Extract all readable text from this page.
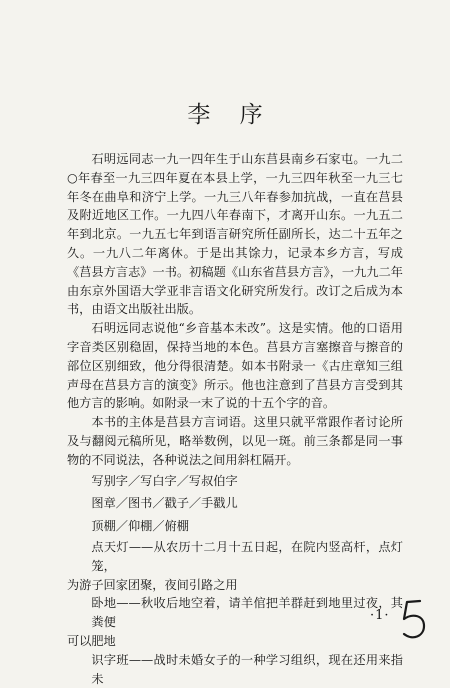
李 序

石明远同志一九一四年生于山东莒县南乡石家屯。一九二○年春至一九三四年夏在本县上学，一九三四年秋至一九三七年冬在曲阜和济宁上学。一九三八年春参加抗战，一直在莒县及附近地区工作。一九四八年春南下，才离开山东。一九五二年到北京。一九五七年到语言研究所任副所长，达二十五年之久。一九八二年离休。于是出其馀力，记录本乡方言，写成《莒县方言志》一书。初稿题《山东省莒县方言》，一九九二年由东京外国语大学亚非言语文化研究所发行。改订之后成为本书，由语文出版社出版。

石明远同志说他“乡音基本未改”。这是实情。他的口语用字音类区别稳固，保持当地的本色。莒县方言塞擦音与擦音的部位区别细致，他分得很清楚。如本书附录一《古庄章知三组声母在莒县方言的演变》所示。他也注意到了莒县方言受到其他方言的影响。如附录一末了说的十五个字的音。

本书的主体是莒县方言词语。这里只就平常跟作者讨论所及与翻阅元稿所见，略举数例，以见一斑。前三条都是同一事物的不同说法，各种说法之间用斜杠隔开。

写别字／写白字／写叔伯字

图章／图书／戳子／手戳儿

顶棚／仰棚／俯棚

点天灯——从农历十二月十五日起，在院内竖高杆，点灯笼，
为游子回家团聚，夜间引路之用

卧地——秋收后地空着，请羊倌把羊群赶到地里过夜，其粪便
可以肥地

识字班——战时未婚女子的一种学习组织，现在还用来指未

·1·
